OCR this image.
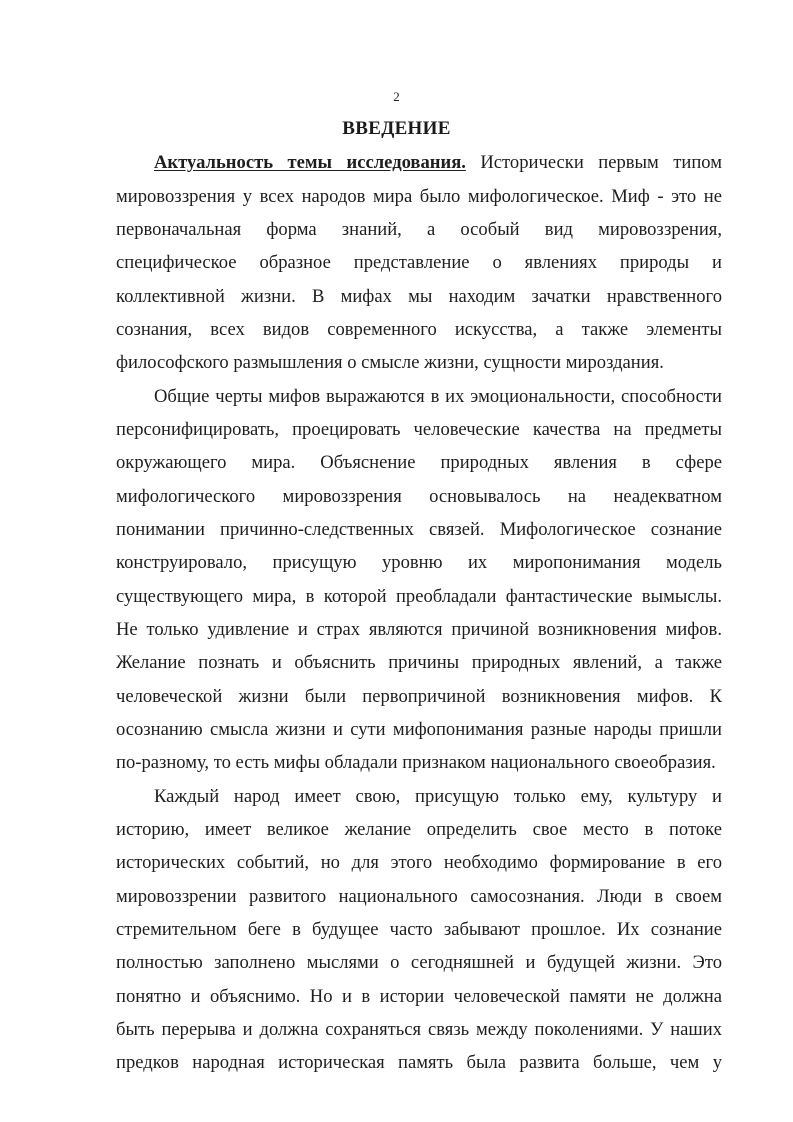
2
ВВЕДЕНИЕ
Актуальность темы исследования. Исторически первым типом
мировоззрения у всех народов мира было мифологическое. Миф - это не
первоначальная форма знаний, а особый вид мировоззрения,
специфическое образное представление о явлениях природы и
коллективной жизни. В мифах мы находим зачатки нравственного
сознания, всех видов современного искусства, а также элементы
философского размышления о смысле жизни, сущности мироздания.
Общие черты мифов выражаются в их эмоциональности, способности
персонифицировать, проецировать человеческие качества на предметы
окружающего мира. Объяснение природных явления в сфере
мифологического мировоззрения основывалось на неадекватном
понимании причинно-следственных связей. Мифологическое сознание
конструировало, присущую уровню их миропонимания модель
существующего мира, в которой преобладали фантастические вымыслы.
Не только удивление и страх являются причиной возникновения мифов.
Желание познать и объяснить причины природных явлений, а также
человеческой жизни были первопричиной возникновения мифов. К
осознанию смысла жизни и сути мифопонимания разные народы пришли
по-разному, то есть мифы обладали признаком национального своеобразия.
Каждый народ имеет свою, присущую только ему, культуру и
историю, имеет великое желание определить свое место в потоке
исторических событий, но для этого необходимо формирование в его
мировоззрении развитого национального самосознания. Люди в своем
стремительном беге в будущее часто забывают прошлое. Их сознание
полностью заполнено мыслями о сегодняшней и будущей жизни. Это
понятно и объяснимо. Но и в истории человеческой памяти не должна
быть перерыва и должна сохраняться связь между поколениями. У наших
предков народная историческая память была развита больше, чем у
